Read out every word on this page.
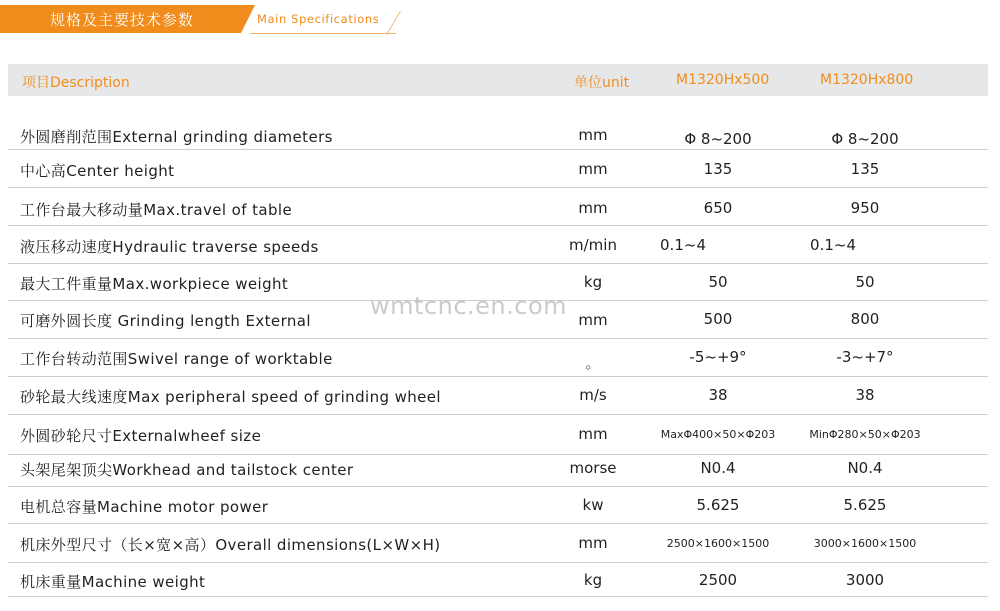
规格及主要技术参数	Main Specifications
项目Description	单位unit	M1320Hx500	M1320Hx800
外圆磨削范围External grinding diameters	mm	Φ 8~200	Φ 8~200
中心高Center height	mm	135	135
工作台最大移动量Max.travel of table	mm	650	950
液压移动速度Hydraulic traverse speeds	m/min	0.1~4	0.1~4
最大工件重量Max.workpiece weight	kg	50	50
可磨外圆长度 Grinding length External	mm	500	800
工作台转动范围Swivel range of worktable	。	-5~+9°	-3~+7°
砂轮最大线速度Max peripheral speed of grinding wheel	m/s	38	38
外圆砂轮尺寸Externalwheef size	mm	MaxΦ400×50×Φ203	MinΦ280×50×Φ203
头架尾架顶尖Workhead and tailstock center	morse	N0.4	N0.4
电机总容量Machine motor power	kw	5.625	5.625
机床外型尺寸（长×宽×高）Overall dimensions(L×W×H)	mm	2500×1600×1500	3000×1600×1500
机床重量Machine weight	kg	2500	3000
wmtcnc.en.com
